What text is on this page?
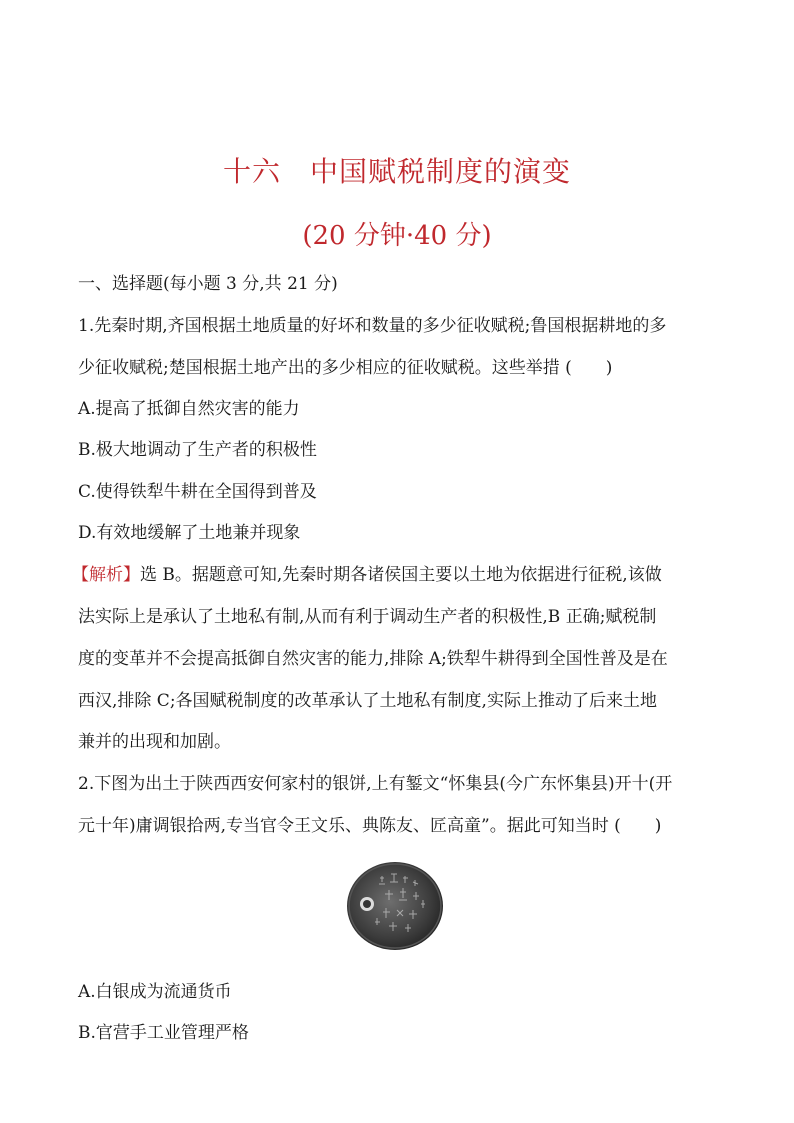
十六　中国赋税制度的演变
(20 分钟·40 分)
一、选择题(每小题 3 分,共 21 分)
1.先秦时期,齐国根据土地质量的好坏和数量的多少征收赋税;鲁国根据耕地的多
少征收赋税;楚国根据土地产出的多少相应的征收赋税。这些举措 (　　)
A.提高了抵御自然灾害的能力
B.极大地调动了生产者的积极性
C.使得铁犁牛耕在全国得到普及
D.有效地缓解了土地兼并现象
【解析】选 B。据题意可知,先秦时期各诸侯国主要以土地为依据进行征税,该做
法实际上是承认了土地私有制,从而有利于调动生产者的积极性,B 正确;赋税制
度的变革并不会提高抵御自然灾害的能力,排除 A;铁犁牛耕得到全国性普及是在
西汉,排除 C;各国赋税制度的改革承认了土地私有制度,实际上推动了后来土地
兼并的出现和加剧。
2.下图为出土于陕西西安何家村的银饼,上有錾文“怀集县(今广东怀集县)开十(开
元十年)庸调银拾两,专当官令王文乐、典陈友、匠高童”。据此可知当时 (　　)
A.白银成为流通货币
B.官营手工业管理严格
